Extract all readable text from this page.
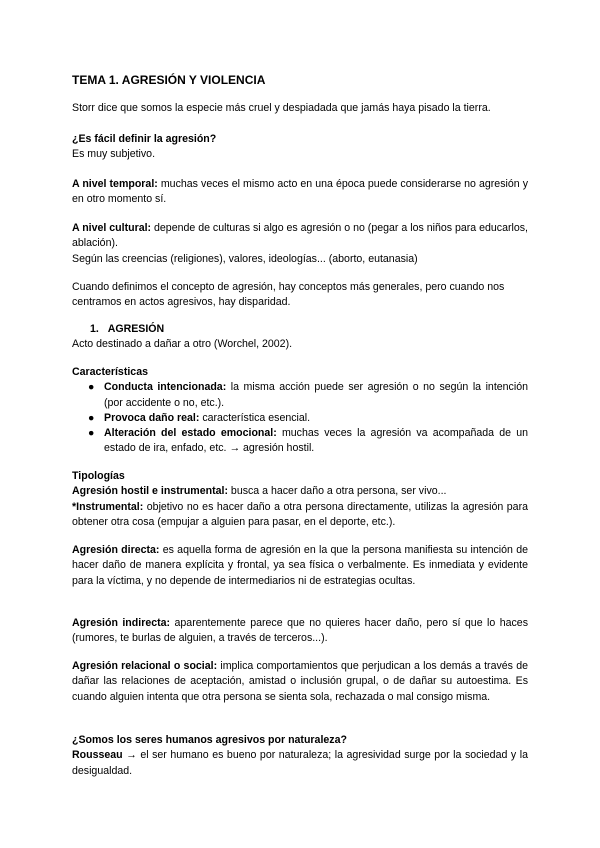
TEMA 1. AGRESIÓN Y VIOLENCIA

Storr dice que somos la especie más cruel y despiadada que jamás haya pisado la tierra.

¿Es fácil definir la agresión?

Es muy subjetivo.

A nivel temporal: muchas veces el mismo acto en una época puede considerarse no agresión y en otro momento sí.

A nivel cultural: depende de culturas si algo es agresión o no (pegar a los niños para educarlos, ablación).

Según las creencias (religiones), valores, ideologías... (aborto, eutanasia)

Cuando definimos el concepto de agresión, hay conceptos más generales, pero cuando nos centramos en actos agresivos, hay disparidad.

1. AGRESIÓN

Acto destinado a dañar a otro (Worchel, 2002).

Características

● Conducta intencionada: la misma acción puede ser agresión o no según la intención (por accidente o no, etc.).
● Provoca daño real: característica esencial.
● Alteración del estado emocional: muchas veces la agresión va acompañada de un estado de ira, enfado, etc. → agresión hostil.

Tipologías

Agresión hostil e instrumental: busca a hacer daño a otra persona, ser vivo...

*Instrumental: objetivo no es hacer daño a otra persona directamente, utilizas la agresión para obtener otra cosa (empujar a alguien para pasar, en el deporte, etc.).

Agresión directa: es aquella forma de agresión en la que la persona manifiesta su intención de hacer daño de manera explícita y frontal, ya sea física o verbalmente. Es inmediata y evidente para la víctima, y no depende de intermediarios ni de estrategias ocultas.

Agresión indirecta: aparentemente parece que no quieres hacer daño, pero sí que lo haces (rumores, te burlas de alguien, a través de terceros...).

Agresión relacional o social: implica comportamientos que perjudican a los demás a través de dañar las relaciones de aceptación, amistad o inclusión grupal, o de dañar su autoestima. Es cuando alguien intenta que otra persona se sienta sola, rechazada o mal consigo misma.

¿Somos los seres humanos agresivos por naturaleza?

Rousseau → el ser humano es bueno por naturaleza; la agresividad surge por la sociedad y la desigualdad.
